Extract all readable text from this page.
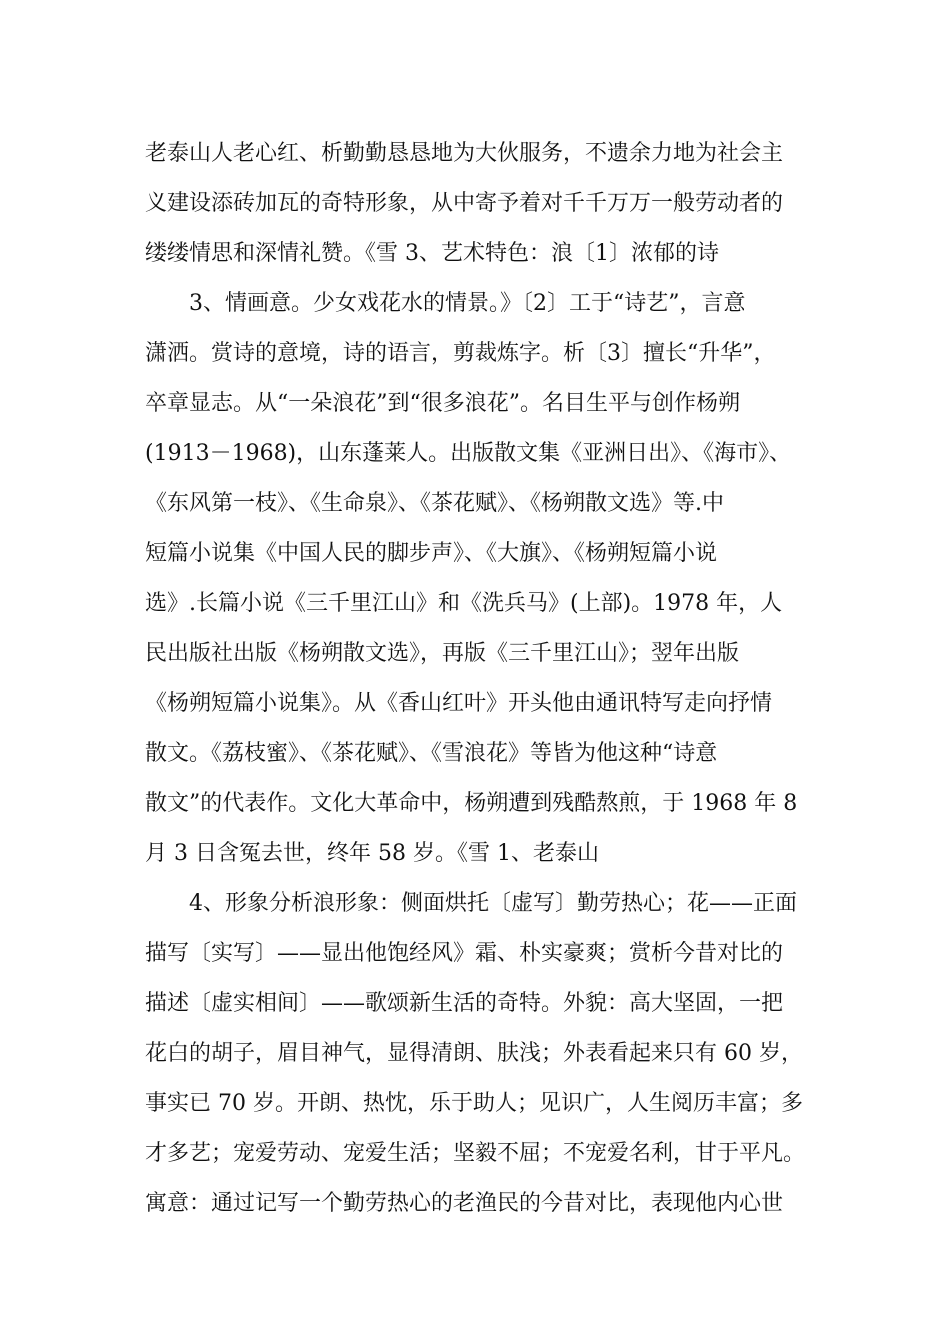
老泰山人老心红、析勤勤恳恳地为大伙服务，不遗余力地为社会主
义建设添砖加瓦的奇特形象，从中寄予着对千千万万一般劳动者的
缕缕情思和深情礼赞。《雪 3、艺术特色：浪〔1〕浓郁的诗
3、情画意。少女戏花水的情景。》〔2〕工于“诗艺”，言意
潇洒。赏诗的意境，诗的语言，剪裁炼字。析〔3〕擅长“升华”，
卒章显志。从“一朵浪花”到“很多浪花”。名目生平与创作杨朔
(1913－1968)，山东蓬莱人。出版散文集《亚洲日出》、《海市》、
《东风第一枝》、《生命泉》、《茶花赋》、《杨朔散文选》等.中
短篇小说集《中国人民的脚步声》、《大旗》、《杨朔短篇小说
选》.长篇小说《三千里江山》和《洗兵马》(上部)。1978 年，人
民出版社出版《杨朔散文选》，再版《三千里江山》；翌年出版
《杨朔短篇小说集》。从《香山红叶》开头他由通讯特写走向抒情
散文。《荔枝蜜》、《茶花赋》、《雪浪花》等皆为他这种“诗意
散文”的代表作。文化大革命中，杨朔遭到残酷熬煎，于 1968 年 8
月 3 日含冤去世，终年 58 岁。《雪 1、老泰山
4、形象分析浪形象：侧面烘托〔虚写〕勤劳热心；花——正面
描写〔实写〕——显出他饱经风》霜、朴实豪爽；赏析今昔对比的
描述〔虚实相间〕——歌颂新生活的奇特。外貌：高大坚固，一把
花白的胡子，眉目神气，显得清朗、肤浅；外表看起来只有 60 岁，
事实已 70 岁。开朗、热忱，乐于助人；见识广，人生阅历丰富；多
才多艺；宠爱劳动、宠爱生活；坚毅不屈；不宠爱名利，甘于平凡。
寓意：通过记写一个勤劳热心的老渔民的今昔对比，表现他内心世
